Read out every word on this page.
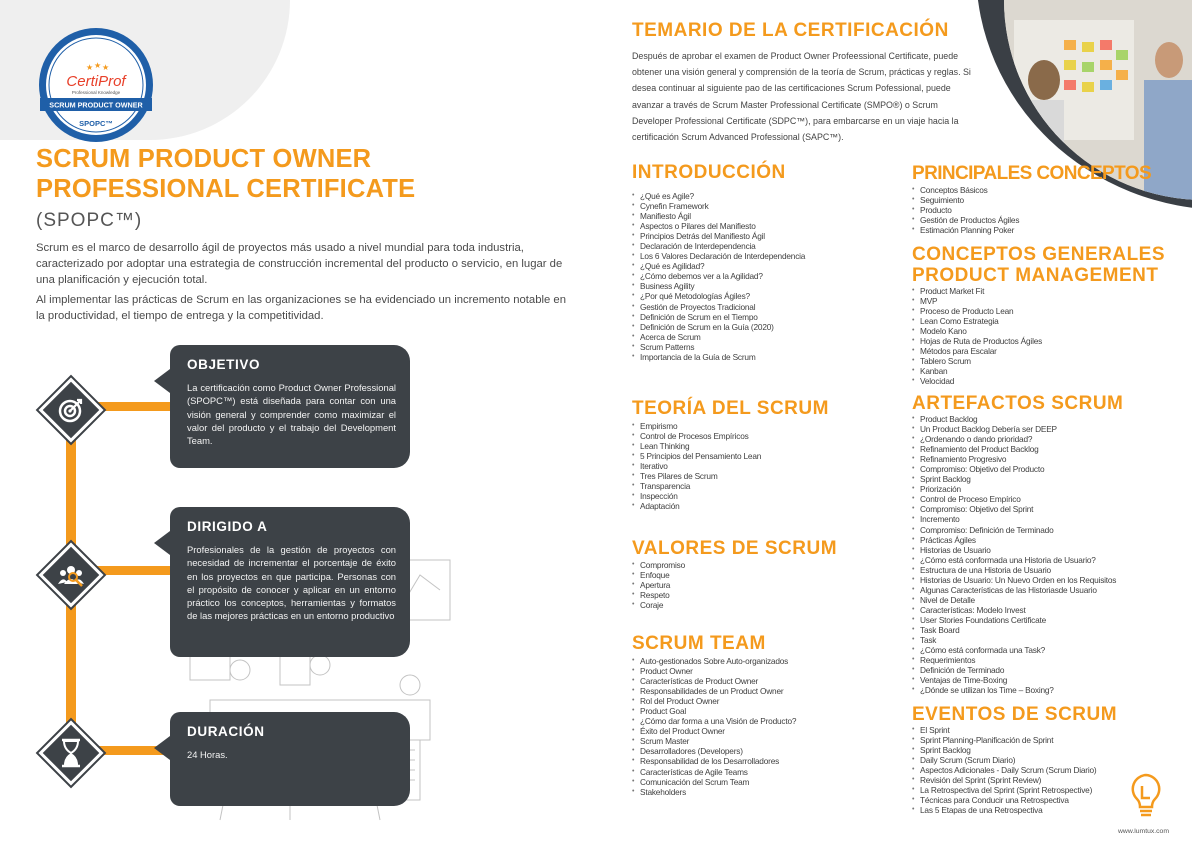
ROFESSIONAL CERTIFICAT
★ ★ ★
CertiProf
Professional Knowledge
SCRUM PRODUCT OWNER
SPOPC™
SCRUM PRODUCT OWNER
PROFESSIONAL CERTIFICATE
(SPOPC™)

Scrum es el marco de desarrollo ágil de proyectos más usado a nivel mundial para toda industria, caracterizado por adoptar una estrategia de construcción incremental del producto o servicio, en lugar de una planificación y ejecución total.

Al implementar las prácticas de Scrum en las organizaciones se ha evidenciado un incremento notable en la productividad, el tiempo de entrega y la competitividad.

OBJETIVO

La certificación como Product Owner Professional (SPOPC™) está diseñada para contar con una visión general y comprender como maximizar el valor del producto y el trabajo del Development Team.

DIRIGIDO A

Profesionales de la gestión de proyectos con necesidad de incrementar el porcentaje de éxito en los proyectos en que participa. Personas con el propósito de conocer y aplicar en un entorno práctico los conceptos, herramientas y formatos de las mejores prácticas en un entorno productivo

DURACIÓN

24 Horas.

TEMARIO DE LA CERTIFICACIÓN

Después de aprobar el examen de Product Owner Profeessional Certificate, puede obtener una visión general y comprensión de la teoría de Scrum, prácticas y reglas. Si desea continuar al siguiente pao de las certificaciones Scrum Pofessional, puede avanzar a través de Scrum Master Professional Certificate (SMPO®) o Scrum Developer Professional Certificate (SDPC™), para embarcarse en un viaje hacia la certificación Scrum Advanced Professional (SAPC™).

INTRODUCCIÓN
• ¿Qué es Agile?
• Cynefin Framework
• Manifiesto Ágil
• Aspectos o Pilares del Manifiesto
• Principios Detrás del Manifiesto Ágil
• Declaración de Interdependencia
• Los 6 Valores Declaración de Interdependencia
• ¿Qué es Agilidad?
• ¿Cómo debemos ver a la Agilidad?
• Business Agility
• ¿Por qué Metodologías Ágiles?
• Gestión de Proyectos Tradicional
• Definición de Scrum en el Tiempo
• Definición de Scrum en la Guía (2020)
• Acerca de Scrum
• Scrum Patterns
• Importancia de la Guía de Scrum
TEORÍA DEL SCRUM
• Empirismo
• Control de Procesos Empíricos
• Lean Thinking
• 5 Principios del Pensamiento Lean
• Iterativo
• Tres Pilares de Scrum
• Transparencia
• Inspección
• Adaptación
VALORES DE SCRUM
• Compromiso
• Enfoque
• Apertura
• Respeto
• Coraje
SCRUM TEAM
• Auto-gestionados Sobre Auto-organizados
• Product Owner
• Características de Product Owner
• Responsabilidades de un Product Owner
• Rol del Product Owner
• Product Goal
• ¿Cómo dar forma a una Visión de Producto?
• Éxito del Product Owner
• Scrum Master
• Desarrolladores (Developers)
• Responsabilidad de los Desarrolladores
• Características de Agile Teams
• Comunicación del Scrum Team
• Stakeholders
PRINCIPALES CONCEPTOS
• Conceptos Básicos
• Seguimiento
• Producto
• Gestión de Productos Ágiles
• Estimación Planning Poker
CONCEPTOS GENERALES
PRODUCT MANAGEMENT
• Product Market Fit
• MVP
• Proceso de Producto Lean
• Lean Como Estrategia
• Modelo Kano
• Hojas de Ruta de Productos Ágiles
• Métodos para Escalar
• Tablero Scrum
• Kanban
• Velocidad
ARTEFACTOS SCRUM
• Product Backlog
• Un Product Backlog Debería ser DEEP
• ¿Ordenando o dando prioridad?
• Refinamiento del Product Backlog
• Refinamiento Progresivo
• Compromiso: Objetivo del Producto
• Sprint Backlog
• Priorización
• Control de Proceso Empírico
• Compromiso: Objetivo del Sprint
• Incremento
• Compromiso: Definición de Terminado
• Prácticas Ágiles
• Historias de Usuario
• ¿Cómo está conformada una Historia de Usuario?
• Estructura de una Historia de Usuario
• Historias de Usuario: Un Nuevo Orden en los Requisitos
• Algunas Características de las Historiasde Usuario
• Nivel de Detalle
• Características: Modelo Invest
• User Stories Foundations Certificate
• Task Board
• Task
• ¿Cómo está conformada una Task?
• Requerimientos
• Definición de Terminado
• Ventajas de Time-Boxing
• ¿Dónde se utilizan los Time – Boxing?
EVENTOS DE SCRUM
• El Sprint
• Sprint Planning-Planificación de Sprint
• Sprint Backlog
• Daily Scrum (Scrum Diario)
• Aspectos Adicionales - Daily Scrum (Scrum Diario)
• Revisión del Sprint (Sprint Review)
• La Retrospectiva del Sprint (Sprint Retrospective)
• Técnicas para Conducir una Retrospectiva
• Las 5 Etapas de una Retrospectiva
www.lumtux.com
